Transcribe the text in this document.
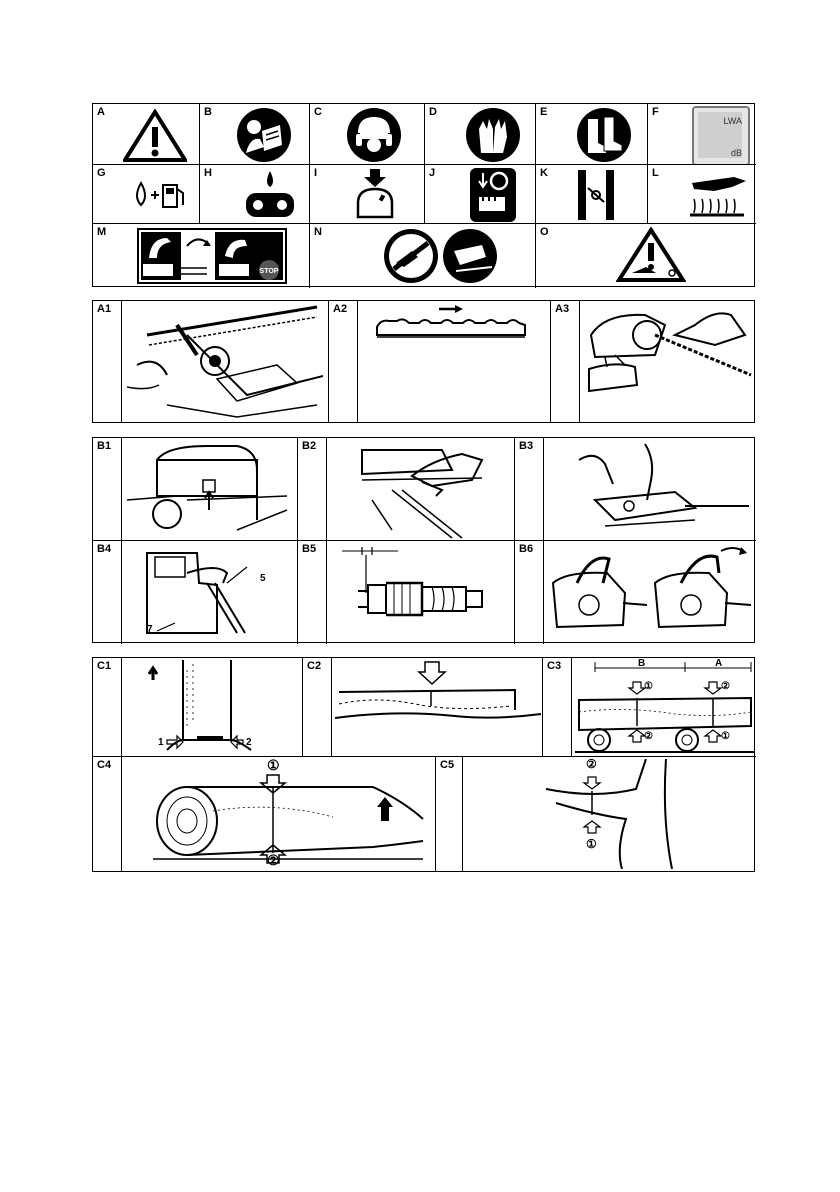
A	B	C	D	E	F
LWA
dB
G	H	I	J	K	L
M
STOP
N	O
A1	A2	A3
B1	B2	B3
B4
5
7
B5	B6
C1
1	2
C2	C3	B	A
①	②
②	①
C4	①
②
C5	②
①
